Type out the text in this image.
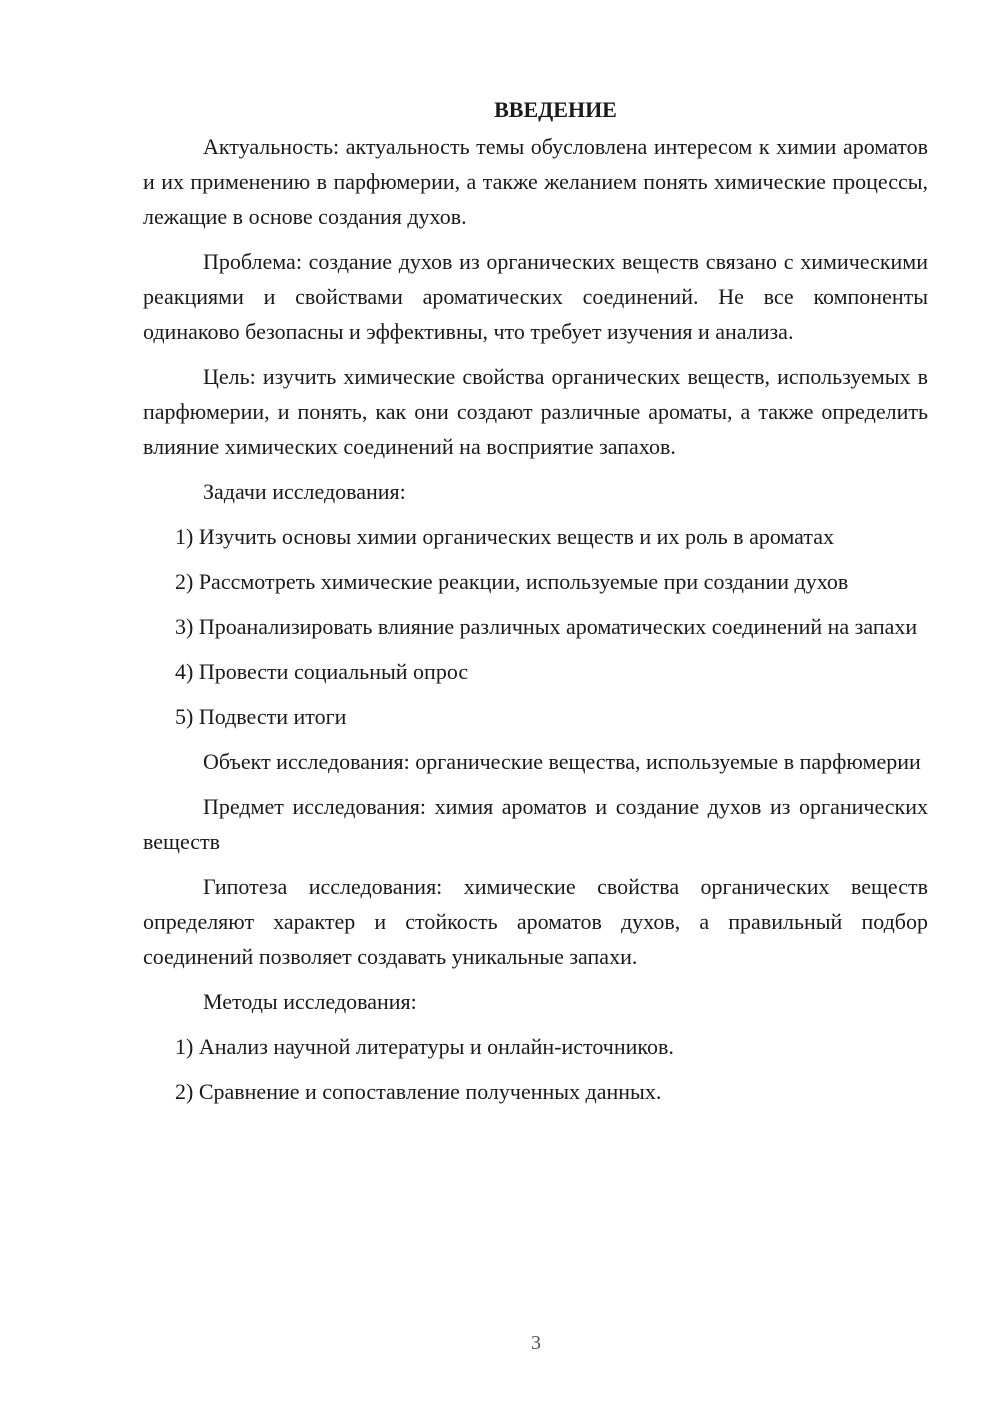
ВВЕДЕНИЕ

Актуальность: актуальность темы обусловлена интересом к химии ароматов и их применению в парфюмерии, а также желанием понять химические процессы, лежащие в основе создания духов.

Проблема: создание духов из органических веществ связано с химическими реакциями и свойствами ароматических соединений. Не все компоненты одинаково безопасны и эффективны, что требует изучения и анализа.

Цель: изучить химические свойства органических веществ, используемых в парфюмерии, и понять, как они создают различные ароматы, а также определить влияние химических соединений на восприятие запахов.

Задачи исследования:

1) Изучить основы химии органических веществ и их роль в ароматах

2) Рассмотреть химические реакции, используемые при создании духов

3) Проанализировать влияние различных ароматических соединений на запахи

4) Провести социальный опрос

5) Подвести итоги

Объект исследования: органические вещества, используемые в парфюмерии

Предмет исследования: химия ароматов и создание духов из органических веществ

Гипотеза исследования: химические свойства органических веществ определяют характер и стойкость ароматов духов, а правильный подбор соединений позволяет создавать уникальные запахи.

Методы исследования:

1) Анализ научной литературы и онлайн-источников.

2) Сравнение и сопоставление полученных данных.

3
